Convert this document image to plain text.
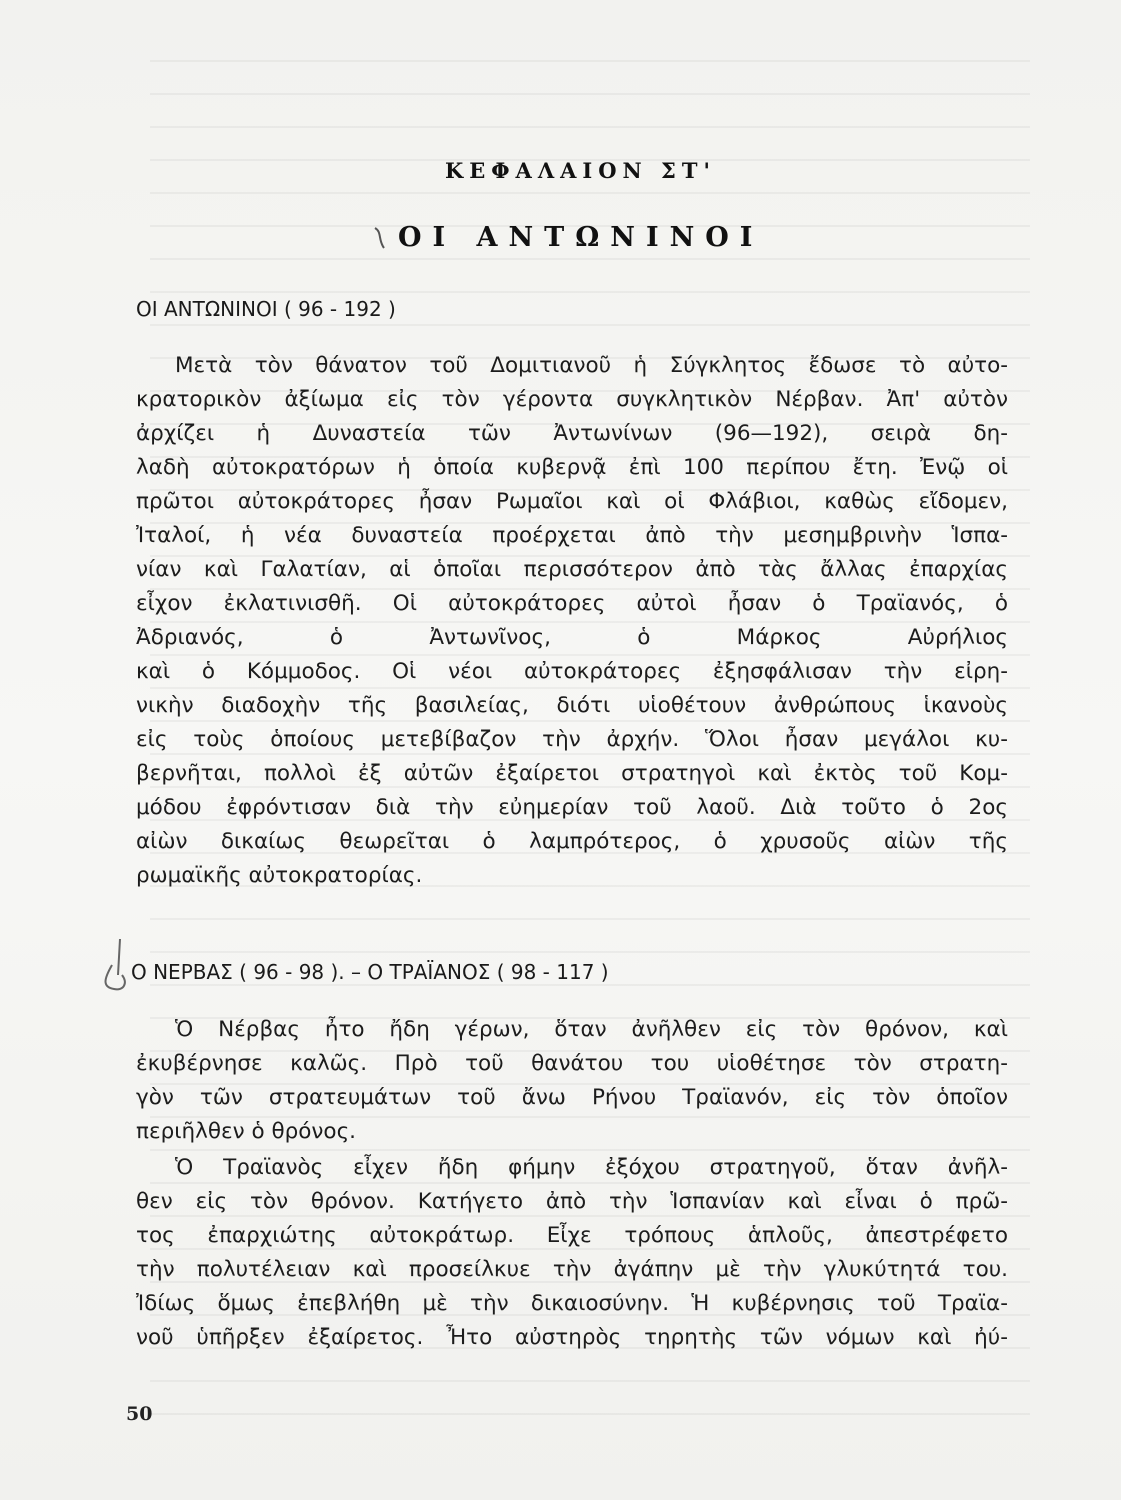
ΚΕΦΑΛΑΙΟΝ ΣΤ'
ΟΙ ΑΝΤΩΝΙΝΟΙ
ΟΙ ΑΝΤΩΝΙΝΟΙ ( 96 - 192 )
Μετὰ τὸν θάνατον τοῦ Δομιτιανοῦ ἡ Σύγκλητος ἔδωσε τὸ αὐτο-
κρατορικὸν ἀξίωμα εἰς τὸν γέροντα συγκλητικὸν Νέρβαν. Ἀπ' αὐτὸν
ἀρχίζει ἡ Δυναστεία τῶν Ἀντωνίνων (96—192), σειρὰ δη-
λαδὴ αὐτοκρατόρων ἡ ὁποία κυβερνᾷ ἐπὶ 100 περίπου ἔτη. Ἐνῷ οἱ
πρῶτοι αὐτοκράτορες ἦσαν Ρωμαῖοι καὶ οἱ Φλάβιοι, καθὼς εἴδομεν,
Ἰταλοί, ἡ νέα δυναστεία προέρχεται ἀπὸ τὴν μεσημβρινὴν Ἱσπα-
νίαν καὶ Γαλατίαν, αἱ ὁποῖαι περισσότερον ἀπὸ τὰς ἄλλας ἐπαρχίας
εἶχον ἐκλατινισθῆ. Οἱ αὐτοκράτορες αὐτοὶ ἦσαν ὁ Τραϊανός, ὁ
Ἀδριανός, ὁ Ἀντωνῖνος, ὁ Μάρκος Αὐρήλιος
καὶ ὁ Κόμμοδος. Οἱ νέοι αὐτοκράτορες ἐξησφάλισαν τὴν εἰρη-
νικὴν διαδοχὴν τῆς βασιλείας, διότι υἱοθέτουν ἀνθρώπους ἱκανοὺς
εἰς τοὺς ὁποίους μετεβίβαζον τὴν ἀρχήν. Ὅλοι ἦσαν μεγάλοι κυ-
βερνῆται, πολλοὶ ἐξ αὐτῶν ἐξαίρετοι στρατηγοὶ καὶ ἐκτὸς τοῦ Κομ-
μόδου ἐφρόντισαν διὰ τὴν εὐημερίαν τοῦ λαοῦ. Διὰ τοῦτο ὁ 2ος
αἰὼν δικαίως θεωρεῖται ὁ λαμπρότερος, ὁ χρυσοῦς αἰὼν τῆς
ρωμαϊκῆς αὐτοκρατορίας.
Ο ΝΕΡΒΑΣ ( 96 - 98 ). – Ο ΤΡΑΪΑΝΟΣ ( 98 - 117 )
Ὁ Νέρβας ἦτο ἤδη γέρων, ὅταν ἀνῆλθεν εἰς τὸν θρόνον, καὶ
ἐκυβέρνησε καλῶς. Πρὸ τοῦ θανάτου του υἱοθέτησε τὸν στρατη-
γὸν τῶν στρατευμάτων τοῦ ἄνω Ρήνου Τραϊανόν, εἰς τὸν ὁποῖον
περιῆλθεν ὁ θρόνος.
Ὁ Τραϊανὸς εἶχεν ἤδη φήμην ἐξόχου στρατηγοῦ, ὅταν ἀνῆλ-
θεν εἰς τὸν θρόνον. Κατήγετο ἀπὸ τὴν Ἱσπανίαν καὶ εἶναι ὁ πρῶ-
τος ἐπαρχιώτης αὐτοκράτωρ. Εἶχε τρόπους ἁπλοῦς, ἀπεστρέφετο
τὴν πολυτέλειαν καὶ προσείλκυε τὴν ἀγάπην μὲ τὴν γλυκύτητά του.
Ἰδίως ὅμως ἐπεβλήθη μὲ τὴν δικαιοσύνην. Ἡ κυβέρνησις τοῦ Τραϊα-
νοῦ ὑπῆρξεν ἐξαίρετος. Ἦτο αὐστηρὸς τηρητὴς τῶν νόμων καὶ ἠύ-
50
